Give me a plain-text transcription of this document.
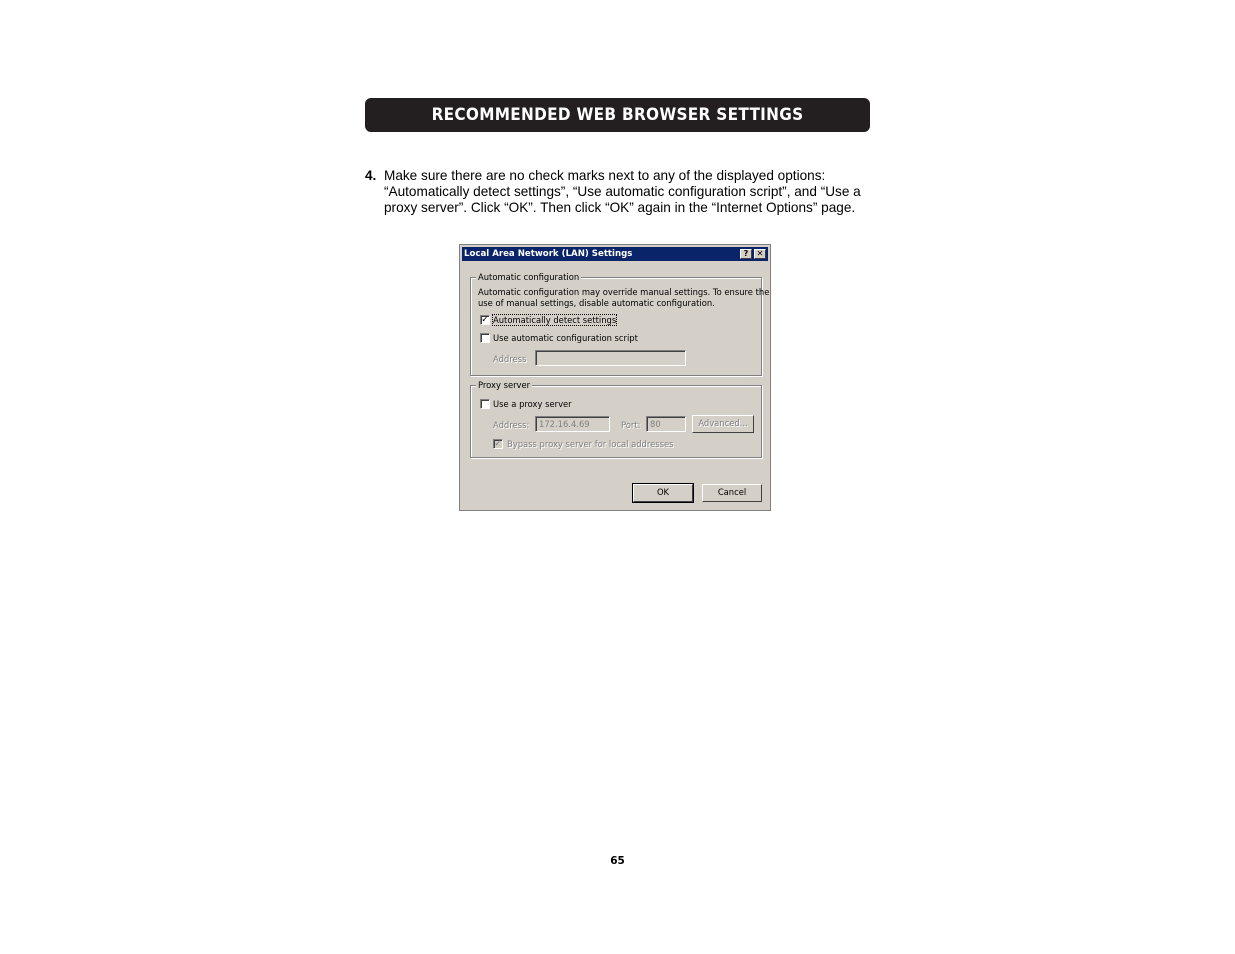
RECOMMENDED WEB BROWSER SETTINGS
4. Make sure there are no check marks next to any of the displayed options: “Automatically detect settings”, “Use automatic configuration script”, and “Use a proxy server”. Click “OK”. Then click “OK” again in the “Internet Options” page.
Local Area Network (LAN) Settings	?	✕
Automatic configuration
Automatic configuration may override manual settings. To ensure the
use of manual settings, disable automatic configuration.
✓ Automatically detect settings
Use automatic configuration script
Address
Proxy server
Use a proxy server
Address:	172.16.4.69	Port:	80	Advanced...
✓ Bypass proxy server for local addresses
OK	Cancel
65
